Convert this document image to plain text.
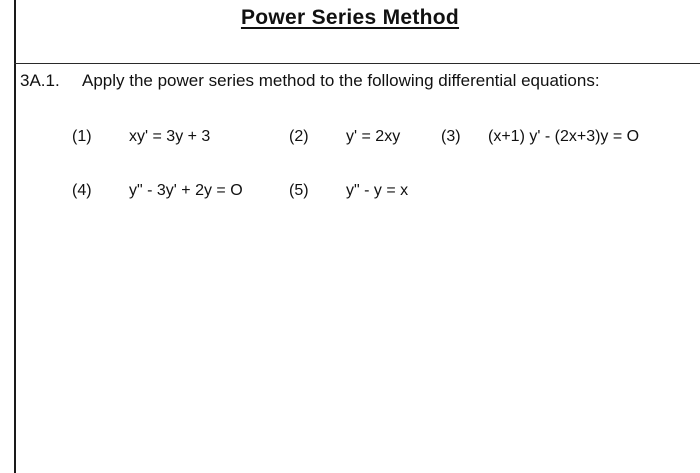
Power Series Method
3A.1. Apply the power series method to the following differential equations:
(1) xy' = 3y + 3	(2) y' = 2xy	(3) (x+1) y' - (2x+3)y = O
(4) y" - 3y' + 2y = O	(5) y" - y = x
